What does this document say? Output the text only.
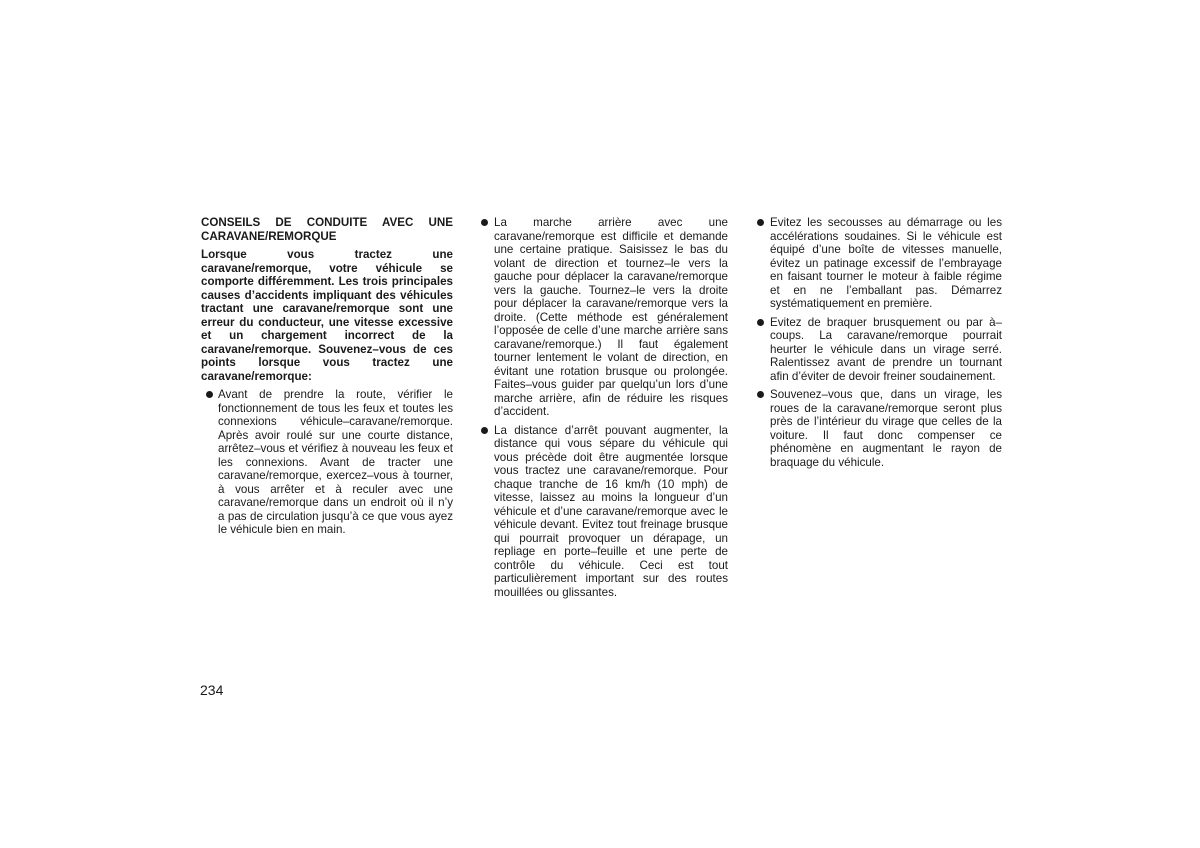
CONSEILS DE CONDUITE AVEC UNE CARAVANE/REMORQUE

Lorsque vous tractez une caravane/remorque, votre véhicule se comporte différemment. Les trois principales causes d’accidents impliquant des véhicules tractant une caravane/remorque sont une erreur du conducteur, une vitesse excessive et un chargement incorrect de la caravane/remorque. Souvenez–vous de ces points lorsque vous tractez une caravane/remorque:

Avant de prendre la route, vérifier le fonctionnement de tous les feux et toutes les connexions véhicule–caravane/remorque. Après avoir roulé sur une courte distance, arrêtez–vous et vérifiez à nouveau les feux et les connexions. Avant de tracter une caravane/remorque, exercez–vous à tourner, à vous arrêter et à reculer avec une caravane/remorque dans un endroit où il n’y a pas de circulation jusqu’à ce que vous ayez le véhicule bien en main.
La marche arrière avec une caravane/remorque est difficile et demande une certaine pratique. Saisissez le bas du volant de direction et tournez–le vers la gauche pour déplacer la caravane/remorque vers la gauche. Tournez–le vers la droite pour déplacer la caravane/remorque vers la droite. (Cette méthode est généralement l’opposée de celle d’une marche arrière sans caravane/remorque.) Il faut également tourner lentement le volant de direction, en évitant une rotation brusque ou prolongée. Faites–vous guider par quelqu’un lors d’une marche arrière, afin de réduire les risques d’accident.
La distance d’arrêt pouvant augmenter, la distance qui vous sépare du véhicule qui vous précède doit être augmentée lorsque vous tractez une caravane/remorque. Pour chaque tranche de 16 km/h (10 mph) de vitesse, laissez au moins la longueur d’un véhicule et d’une caravane/remorque avec le véhicule devant. Evitez tout freinage brusque qui pourrait provoquer un dérapage, un repliage en porte–feuille et une perte de contrôle du véhicule. Ceci est tout particulièrement important sur des routes mouillées ou glissantes.
Evitez les secousses au démarrage ou les accélérations soudaines. Si le véhicule est équipé d’une boîte de vitesses manuelle, évitez un patinage excessif de l’embrayage en faisant tourner le moteur à faible régime et en ne l’emballant pas. Démarrez systématiquement en première.
Evitez de braquer brusquement ou par à–coups. La caravane/remorque pourrait heurter le véhicule dans un virage serré. Ralentissez avant de prendre un tournant afin d’éviter de devoir freiner soudainement.
Souvenez–vous que, dans un virage, les roues de la caravane/remorque seront plus près de l’intérieur du virage que celles de la voiture. Il faut donc compenser ce phénomène en augmentant le rayon de braquage du véhicule.
234
